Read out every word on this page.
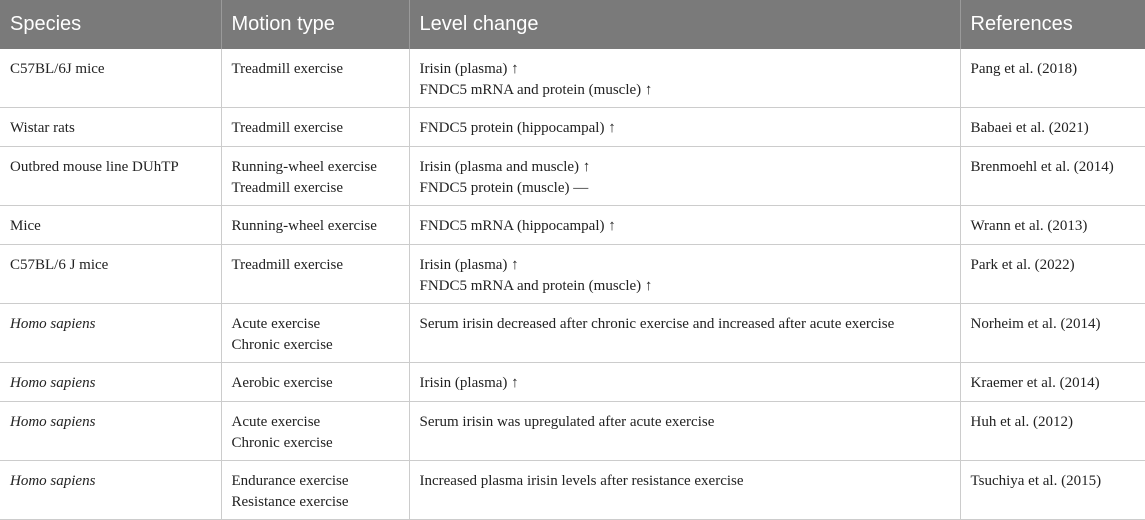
Species	Motion type	Level change	References

C57BL/6J mice	Treadmill exercise	Irisin (plasma) ↑
FNDC5 mRNA and protein (muscle) ↑	Pang et al. (2018)

Wistar rats	Treadmill exercise	FNDC5 protein (hippocampal) ↑	Babaei et al. (2021)

Outbred mouse line DUhTP	Running-wheel exercise
Treadmill exercise	Irisin (plasma and muscle) ↑
FNDC5 protein (muscle) —	Brenmoehl et al. (2014)

Mice	Running-wheel exercise	FNDC5 mRNA (hippocampal) ↑	Wrann et al. (2013)

C57BL/6 J mice	Treadmill exercise	Irisin (plasma) ↑
FNDC5 mRNA and protein (muscle) ↑	Park et al. (2022)

Homo sapiens	Acute exercise
Chronic exercise	Serum irisin decreased after chronic exercise and increased after acute exercise	Norheim et al. (2014)

Homo sapiens	Aerobic exercise	Irisin (plasma) ↑	Kraemer et al. (2014)

Homo sapiens	Acute exercise
Chronic exercise	Serum irisin was upregulated after acute exercise	Huh et al. (2012)

Homo sapiens	Endurance exercise
Resistance exercise	Increased plasma irisin levels after resistance exercise	Tsuchiya et al. (2015)
